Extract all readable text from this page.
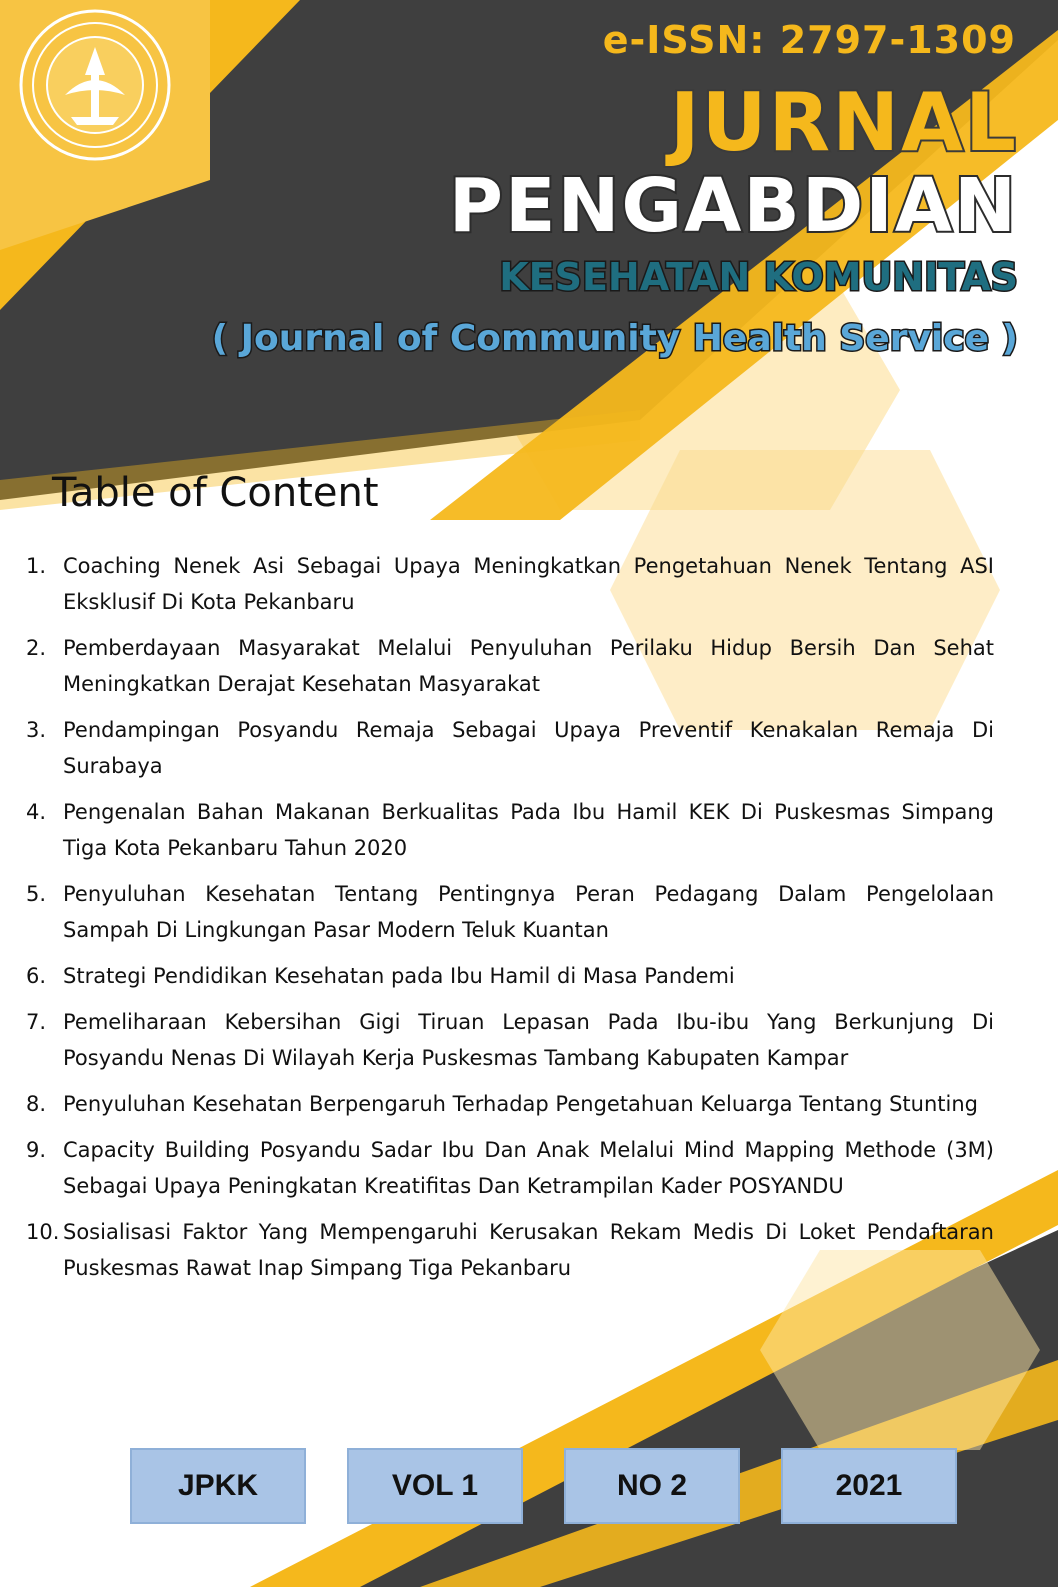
e-ISSN: 2797-1309
JURNAL
PENGABDIAN
KESEHATAN KOMUNITAS
( Journal of Community Health Service )
Table of Content
1. Coaching Nenek Asi Sebagai Upaya Meningkatkan Pengetahuan Nenek Tentang ASI Eksklusif Di Kota Pekanbaru
2. Pemberdayaan Masyarakat Melalui Penyuluhan Perilaku Hidup Bersih Dan Sehat Meningkatkan Derajat Kesehatan Masyarakat
3. Pendampingan Posyandu Remaja Sebagai Upaya Preventif Kenakalan Remaja Di Surabaya
4. Pengenalan Bahan Makanan Berkualitas Pada Ibu Hamil KEK Di Puskesmas Simpang Tiga Kota Pekanbaru Tahun 2020
5. Penyuluhan Kesehatan Tentang Pentingnya Peran Pedagang Dalam Pengelolaan Sampah Di Lingkungan Pasar Modern Teluk Kuantan
6. Strategi Pendidikan Kesehatan pada Ibu Hamil di Masa Pandemi
7. Pemeliharaan Kebersihan Gigi Tiruan Lepasan Pada Ibu-ibu Yang Berkunjung Di Posyandu Nenas Di Wilayah Kerja Puskesmas Tambang Kabupaten Kampar
8. Penyuluhan Kesehatan Berpengaruh Terhadap Pengetahuan Keluarga Tentang Stunting
9. Capacity Building Posyandu Sadar Ibu Dan Anak Melalui Mind Mapping Methode (3M) Sebagai Upaya Peningkatan Kreatifitas Dan Ketrampilan Kader POSYANDU
10. Sosialisasi Faktor Yang Mempengaruhi Kerusakan Rekam Medis Di Loket Pendaftaran Puskesmas Rawat Inap Simpang Tiga Pekanbaru
JPKK	VOL 1	NO 2	2021
